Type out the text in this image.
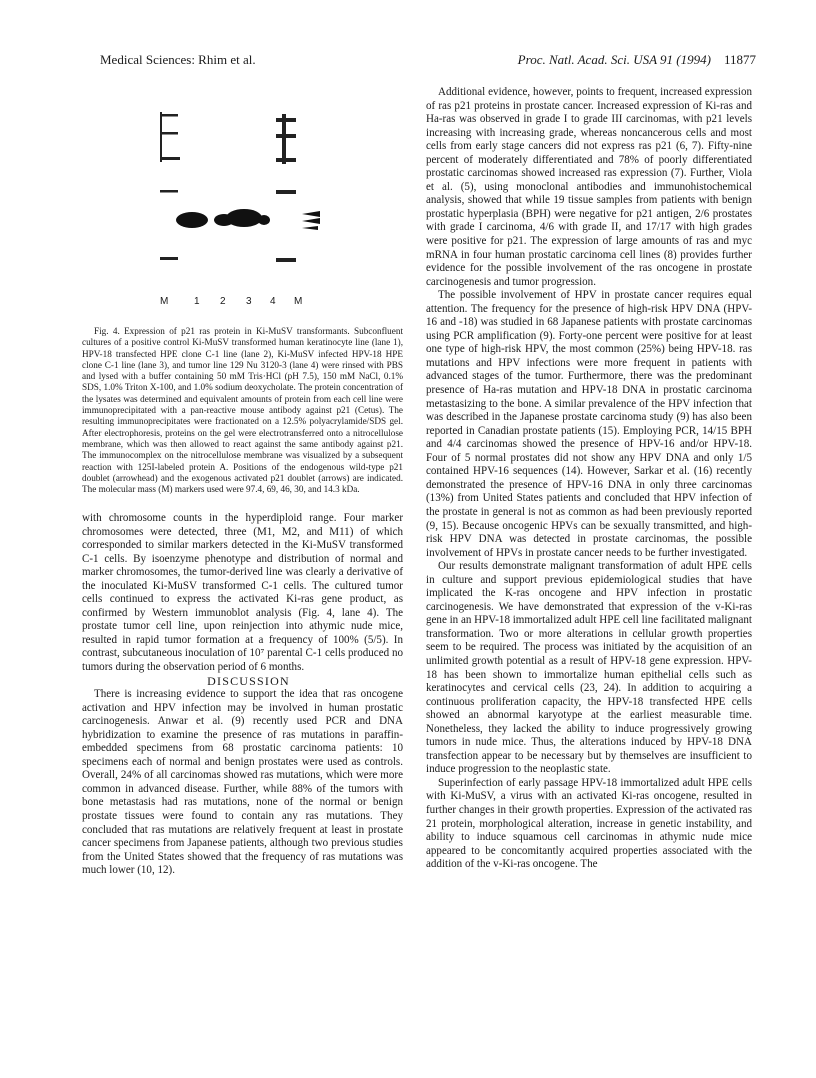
Medical Sciences: Rhim et al.	Proc. Natl. Acad. Sci. USA 91 (1994) 11877
M	1 2 3 4 M

Fig. 4. Expression of p21 ras protein in Ki-MuSV transformants. Subconfluent cultures of a positive control Ki-MuSV transformed human keratinocyte line (lane 1), HPV-18 transfected HPE clone C-1 line (lane 2), Ki-MuSV infected HPV-18 HPE clone C-1 line (lane 3), and tumor line 129 Nu 3120-3 (lane 4) were rinsed with PBS and lysed with a buffer containing 50 mM Tris·HCl (pH 7.5), 150 mM NaCl, 0.1% SDS, 1.0% Triton X-100, and 1.0% sodium deoxycholate. The protein concentration of the lysates was determined and equivalent amounts of protein from each cell line were immunoprecipitated with a pan-reactive mouse antibody against p21 (Cetus). The resulting immunoprecipitates were fractionated on a 12.5% polyacrylamide/SDS gel. After electrophoresis, proteins on the gel were electrotransferred onto a nitrocellulose membrane, which was then allowed to react against the same antibody against p21. The immunocomplex on the nitrocellulose membrane was visualized by a subsequent reaction with 125I-labeled protein A. Positions of the endogenous wild-type p21 doublet (arrowhead) and the exogenous activated p21 doublet (arrows) are indicated. The molecular mass (M) markers used were 97.4, 69, 46, 30, and 14.3 kDa.

with chromosome counts in the hyperdiploid range. Four marker chromosomes were detected, three (M1, M2, and M11) of which corresponded to similar markers detected in the Ki-MuSV transformed C-1 cells. By isoenzyme phenotype and distribution of normal and marker chromosomes, the tumor-derived line was clearly a derivative of the inoculated Ki-MuSV transformed C-1 cells. The cultured tumor cells continued to express the activated Ki-ras gene product, as confirmed by Western immunoblot analysis (Fig. 4, lane 4). The prostate tumor cell line, upon reinjection into athymic nude mice, resulted in rapid tumor formation at a frequency of 100% (5/5). In contrast, subcutaneous inoculation of 10⁷ parental C-1 cells produced no tumors during the observation period of 6 months.

DISCUSSION

There is increasing evidence to support the idea that ras oncogene activation and HPV infection may be involved in human prostatic carcinogenesis. Anwar et al. (9) recently used PCR and DNA hybridization to examine the presence of ras mutations in paraffin-embedded specimens from 68 prostatic carcinoma patients: 10 specimens each of normal and benign prostates were used as controls. Overall, 24% of all carcinomas showed ras mutations, which were more common in advanced disease. Further, while 88% of the tumors with bone metastasis had ras mutations, none of the normal or benign prostate tissues were found to contain any ras mutations. They concluded that ras mutations are relatively frequent at least in prostate cancer specimens from Japanese patients, although two previous studies from the United States showed that the frequency of ras mutations was much lower (10, 12).

Additional evidence, however, points to frequent, increased expression of ras p21 proteins in prostate cancer. Increased expression of Ki-ras and Ha-ras was observed in grade I to grade III carcinomas, with p21 levels increasing with increasing grade, whereas noncancerous cells and most cells from early stage cancers did not express ras p21 (6, 7). Fifty-nine percent of moderately differentiated and 78% of poorly differentiated prostatic carcinomas showed increased ras expression (7). Further, Viola et al. (5), using monoclonal antibodies and immunohistochemical analysis, showed that while 19 tissue samples from patients with benign prostatic hyperplasia (BPH) were negative for p21 antigen, 2/6 prostates with grade I carcinoma, 4/6 with grade II, and 17/17 with high grades were positive for p21. The expression of large amounts of ras and myc mRNA in four human prostatic carcinoma cell lines (8) provides further evidence for the possible involvement of the ras oncogene in prostate carcinogenesis and tumor progression.

The possible involvement of HPV in prostate cancer requires equal attention. The frequency for the presence of high-risk HPV DNA (HPV-16 and -18) was studied in 68 Japanese patients with prostate carcinomas using PCR amplification (9). Forty-one percent were positive for at least one type of high-risk HPV, the most common (25%) being HPV-18. ras mutations and HPV infections were more frequent in patients with advanced stages of the tumor. Furthermore, there was the predominant presence of Ha-ras mutation and HPV-18 DNA in prostatic carcinoma metastasizing to the bone. A similar prevalence of the HPV infection that was described in the Japanese prostate carcinoma study (9) has also been reported in Canadian prostate patients (15). Employing PCR, 14/15 BPH and 4/4 carcinomas showed the presence of HPV-16 and/or HPV-18. Four of 5 normal prostates did not show any HPV DNA and only 1/5 contained HPV-16 sequences (14). However, Sarkar et al. (16) recently demonstrated the presence of HPV-16 DNA in only three carcinomas (13%) from United States patients and concluded that HPV infection of the prostate in general is not as common as had been previously reported (9, 15). Because oncogenic HPVs can be sexually transmitted, and high-risk HPV DNA was detected in prostate carcinomas, the possible involvement of HPVs in prostate cancer needs to be further investigated.

Our results demonstrate malignant transformation of adult HPE cells in culture and support previous epidemiological studies that have implicated the K-ras oncogene and HPV infection in prostatic carcinogenesis. We have demonstrated that expression of the v-Ki-ras gene in an HPV-18 immortalized adult HPE cell line facilitated malignant transformation. Two or more alterations in cellular growth properties seem to be required. The process was initiated by the acquisition of an unlimited growth potential as a result of HPV-18 gene expression. HPV-18 has been shown to immortalize human epithelial cells such as keratinocytes and cervical cells (23, 24). In addition to acquiring a continuous proliferation capacity, the HPV-18 transfected HPE cells showed an abnormal karyotype at the earliest measurable time. Nonetheless, they lacked the ability to induce progressively growing tumors in nude mice. Thus, the alterations induced by HPV-18 DNA transfection appear to be necessary but by themselves are insufficient to induce progression to the neoplastic state.

Superinfection of early passage HPV-18 immortalized adult HPE cells with Ki-MuSV, a virus with an activated Ki-ras oncogene, resulted in further changes in their growth properties. Expression of the activated ras 21 protein, morphological alteration, increase in genetic instability, and ability to induce squamous cell carcinomas in athymic nude mice appeared to be concomitantly acquired properties associated with the addition of the v-Ki-ras oncogene. The
